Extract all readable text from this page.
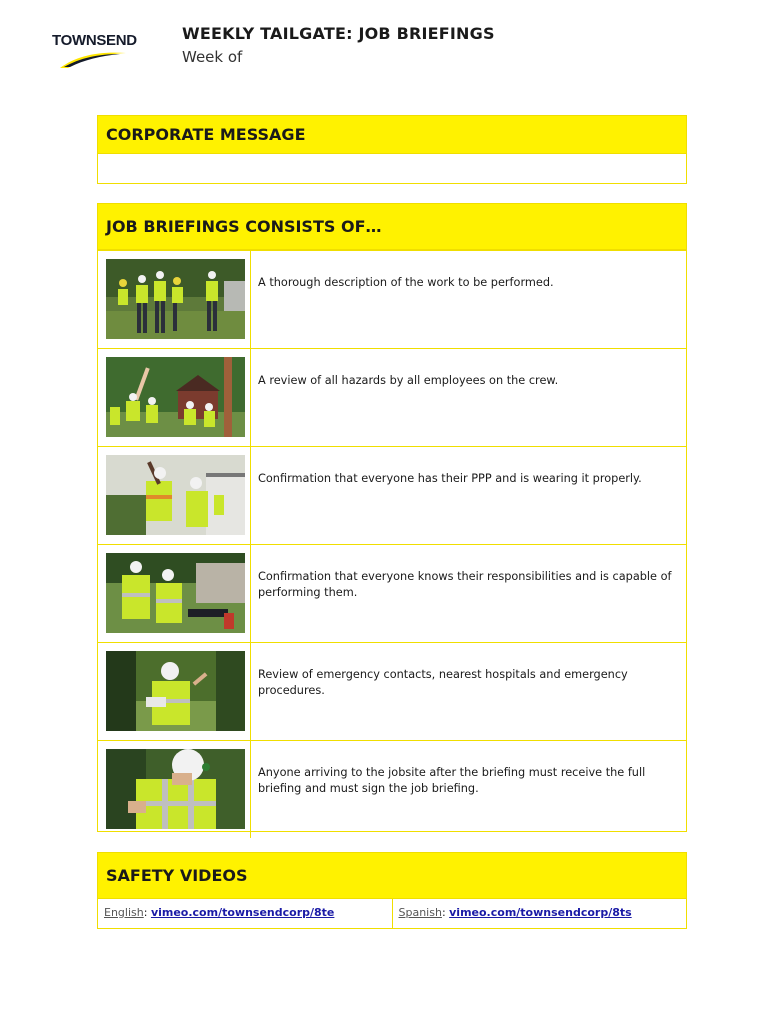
TOWNSEND	WEEKLY TAILGATE: JOB BRIEFINGS
Week of
CORPORATE MESSAGE
JOB BRIEFINGS CONSISTS OF…
A thorough description of the work to be performed.
A review of all hazards by all employees on the crew.
Confirmation that everyone has their PPP and is wearing it properly.
Confirmation that everyone knows their responsibilities and is capable of performing them.
Review of emergency contacts, nearest hospitals and emergency procedures.
Anyone arriving to the jobsite after the briefing must receive the full briefing and must sign the job briefing.
SAFETY VIDEOS
English: vimeo.com/townsendcorp/8te	Spanish: vimeo.com/townsendcorp/8ts
